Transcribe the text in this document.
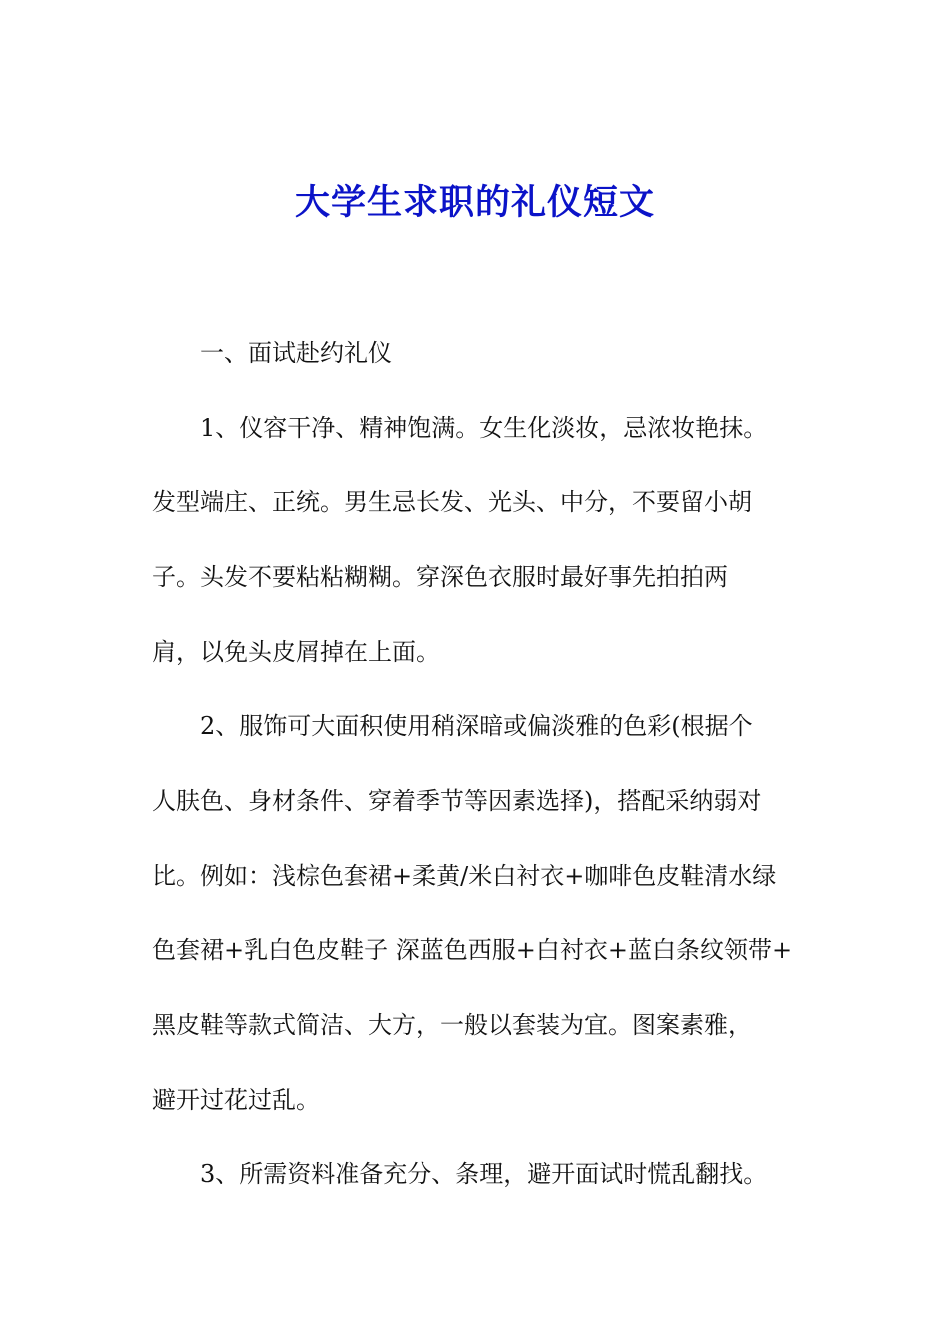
大学生求职的礼仪短文

一、面试赴约礼仪

1、仪容干净、精神饱满。女生化淡妆，忌浓妆艳抹。

发型端庄、正统。男生忌长发、光头、中分，不要留小胡

子。头发不要粘粘糊糊。穿深色衣服时最好事先拍拍两

肩，以免头皮屑掉在上面。

2、服饰可大面积使用稍深暗或偏淡雅的色彩(根据个

人肤色、身材条件、穿着季节等因素选择)，搭配采纳弱对

比。例如：浅棕色套裙+柔黄/米白衬衣+咖啡色皮鞋清水绿

色套裙+乳白色皮鞋子 深蓝色西服+白衬衣+蓝白条纹领带+

黑皮鞋等款式简洁、大方，一般以套装为宜。图案素雅，

避开过花过乱。

3、所需资料准备充分、条理，避开面试时慌乱翻找。
